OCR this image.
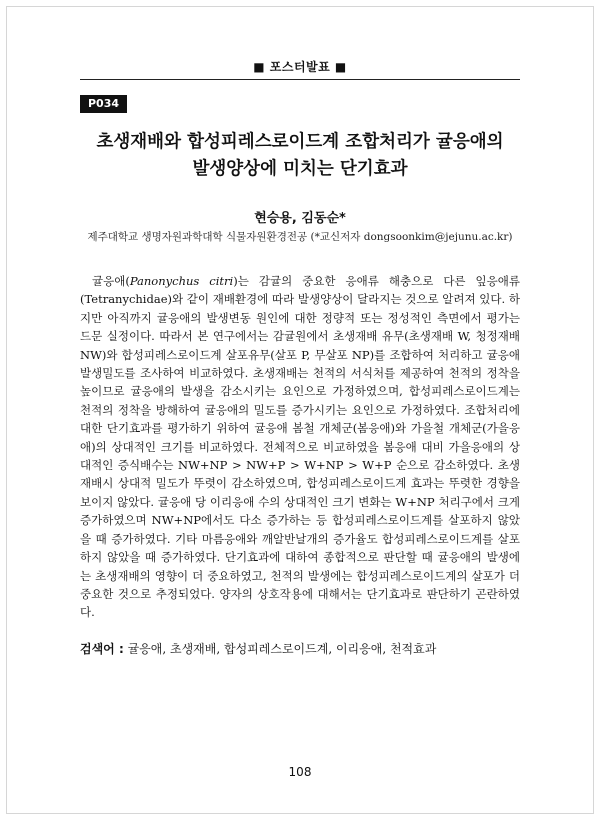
■ 포스터발표 ■
P034
초생재배와 합성피레스로이드계 조합처리가 귤응애의
발생양상에 미치는 단기효과
현승용, 김동순*
제주대학교 생명자원과학대학 식물자원환경전공 (*교신저자 dongsoonkim@jejunu.ac.kr)
귤응애(Panonychus citri)는 감귤의 중요한 응애류 해충으로 다른 잎응애류(Tetranychidae)와 같이 재배환경에 따라 발생양상이 달라지는 것으로 알려져 있다. 하지만 아직까지 귤응애의 발생변동 원인에 대한 정량적 또는 정성적인 측면에서 평가는 드문 실정이다. 따라서 본 연구에서는 감귤원에서 초생재배 유무(초생재배 W, 청정재배 NW)와 합성피레스로이드계 살포유무(살포 P, 무살포 NP)를 조합하여 처리하고 귤응애 발생밀도를 조사하여 비교하였다. 초생재배는 천적의 서식처를 제공하여 천적의 정착을 높이므로 귤응애의 발생을 감소시키는 요인으로 가정하였으며, 합성피레스로이드계는 천적의 정착을 방해하여 귤응애의 밀도를 증가시키는 요인으로 가정하였다. 조합처리에 대한 단기효과를 평가하기 위하여 귤응애 봄철 개체군(봄응애)와 가을철 개체군(가을응애)의 상대적인 크기를 비교하였다. 전체적으로 비교하였을 봄응애 대비 가을응애의 상대적인 증식배수는 NW+NP > NW+P > W+NP > W+P 순으로 감소하였다. 초생재배시 상대적 밀도가 뚜렷이 감소하였으며, 합성피레스로이드계 효과는 뚜렷한 경향을 보이지 않았다. 귤응애 당 이리응애 수의 상대적인 크기 변화는 W+NP 처리구에서 크게 증가하였으며 NW+NP에서도 다소 증가하는 등 합성피레스로이드계를 살포하지 않았을 때 증가하였다. 기타 마름응애와 깨알반날개의 증가율도 합성피레스로이드계를 살포하지 않았을 때 증가하였다. 단기효과에 대하여 종합적으로 판단할 때 귤응애의 발생에는 초생재배의 영향이 더 중요하였고, 천적의 발생에는 합성피레스로이드계의 살포가 더 중요한 것으로 추정되었다. 양자의 상호작용에 대해서는 단기효과로 판단하기 곤란하였다.
검색어 : 귤응애, 초생재배, 합성피레스로이드계, 이리응애, 천적효과
108
